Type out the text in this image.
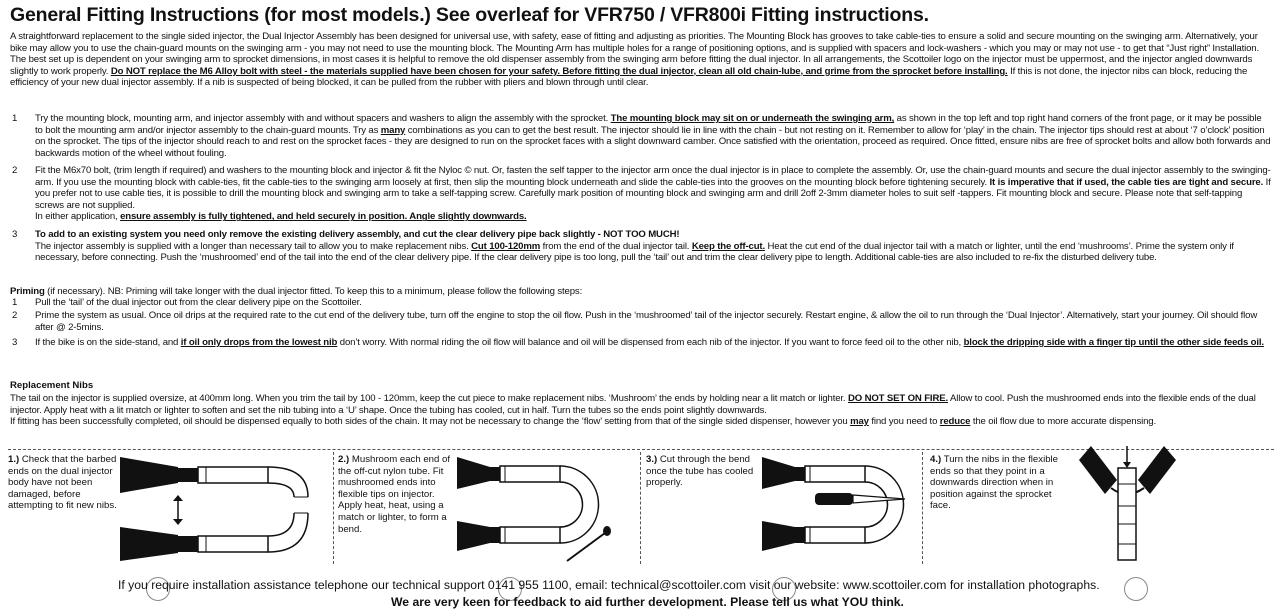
General Fitting Instructions (for most models.) See overleaf for VFR750 / VFR800i Fitting instructions.
A straightforward replacement to the single sided injector, the Dual Injector Assembly has been designed for universal use, with safety, ease of fitting and adjusting as priorities. The Mounting Block has grooves to take cable-ties to ensure a solid and secure mounting on the swinging arm. Alternatively, your bike may allow you to use the chain-guard mounts on the swinging arm - you may not need to use the mounting block. The Mounting Arm has multiple holes for a range of positioning options, and is supplied with spacers and lock-washers - which you may or may not use - to get that “Just right” Installation. The best set up is dependent on your swinging arm to sprocket dimensions, in most cases it is helpful to remove the old dispenser assembly from the swinging arm before fitting the dual injector. In all arrangements, the Scottoiler logo on the injector must be uppermost, and the injector angled downwards slightly to work properly. Do NOT replace the M6 Alloy bolt with steel - the materials supplied have been chosen for your safety. Before fitting the dual injector, clean all old chain-lube, and grime from the sprocket before installing. If this is not done, the injector nibs can block, reducing the efficiency of your new dual injector assembly. If a nib is suspected of being blocked, it can be pulled from the rubber with pliers and blown through until clear.
1 Try the mounting block, mounting arm, and injector assembly with and without spacers and washers to align the assembly with the sprocket. The mounting block may sit on or underneath the swinging arm, as shown in the top left and top right hand corners of the front page, or it may be possible to bolt the mounting arm and/or injector assembly to the chain-guard mounts. Try as many combinations as you can to get the best result. The injector should lie in line with the chain - but not resting on it. Remember to allow for ‘play’ in the chain. The injector tips should rest at about ‘7 o’clock’ position on the sprocket. The tips of the injector should reach to and rest on the sprocket faces - they are designed to run on the sprocket faces with a slight downward camber. Once satisfied with the orientation, proceed as required. Once fitted, ensure nibs are free of sprocket bolts and allow both forwards and backwards motion of the wheel without fouling.
2 Fit the M6x70 bolt, (trim length if required) and washers to the mounting block and injector & fit the Nyloc © nut. Or, fasten the self tapper to the injector arm once the dual injector is in place to complete the assembly. Or, use the chain-guard mounts and secure the dual injector assembly to the swinging-arm. If you use the mounting block with cable-ties, fit the cable-ties to the swinging arm loosely at first, then slip the mounting block underneath and slide the cable-ties into the grooves on the mounting block before tightening securely. It is imperative that if used, the cable ties are tight and secure. If you prefer not to use cable ties, it is possible to drill the mounting block and swinging arm to take a self-tapping screw. Carefully mark position of mounting block and swinging arm and drill 2off 2-3mm diameter holes to suit self -tappers. Fit mounting block and secure. Please note that self-tapping screws are not supplied.
In either application, ensure assembly is fully tightened, and held securely in position. Angle slightly downwards.
3 To add to an existing system you need only remove the existing delivery assembly, and cut the clear delivery pipe back slightly - NOT TOO MUCH!
The injector assembly is supplied with a longer than necessary tail to allow you to make replacement nibs. Cut 100-120mm from the end of the dual injector tail. Keep the off-cut. Heat the cut end of the dual injector tail with a match or lighter, until the end ‘mushrooms’. Prime the system only if necessary, before connecting. Push the ‘mushroomed’ end of the tail into the end of the clear delivery pipe. If the clear delivery pipe is too long, pull the ‘tail’ out and trim the clear delivery pipe to length. Additional cable-ties are also included to re-fix the disturbed delivery tube.
Priming (if necessary). NB: Priming will take longer with the dual injector fitted. To keep this to a minimum, please follow the following steps:
1 Pull the ‘tail’ of the dual injector out from the clear delivery pipe on the Scottoiler.
2 Prime the system as usual. Once oil drips at the required rate to the cut end of the delivery tube, turn off the engine to stop the oil flow. Push in the ‘mushroomed’ tail of the injector securely. Restart engine, & allow the oil to run through the ‘Dual Injector’. Alternatively, start your journey. Oil should flow after @ 2-5mins.
3 If the bike is on the side-stand, and if oil only drops from the lowest nib don’t worry. With normal riding the oil flow will balance and oil will be dispensed from each nib of the injector. If you want to force feed oil to the other nib, block the dripping side with a finger tip until the other side feeds oil.
Replacement Nibs
The tail on the injector is supplied oversize, at 400mm long. When you trim the tail by 100 - 120mm, keep the cut piece to make replacement nibs. ‘Mushroom’ the ends by holding near a lit match or lighter. DO NOT SET ON FIRE. Allow to cool. Push the mushroomed ends into the flexible ends of the dual injector. Apply heat with a lit match or lighter to soften and set the nib tubing into a ‘U’ shape. Once the tubing has cooled, cut in half. Turn the tubes so the ends point slightly downwards.
If fitting has been successfully completed, oil should be dispensed equally to both sides of the chain. It may not be necessary to change the ‘flow’ setting from that of the single sided dispenser, however you may find you need to reduce the oil flow due to more accurate dispensing.
1.) Check that the barbed ends on the dual injector body have not been damaged, before attempting to fit new nibs.
2.) Mushroom each end of the off-cut nylon tube. Fit mushroomed ends into flexible tips on injector. Apply heat, heat, using a match or lighter, to form a bend.
3.) Cut through the bend once the tube has cooled properly.
4.) Turn the nibs in the flexible ends so that they point in a downwards direction when in position against the sprocket face.
If you require installation assistance telephone our technical support 0141 955 1100, email: technical@scottoiler.com visit our website: www.scottoiler.com for installation photographs.
We are very keen for feedback to aid further development. Please tell us what YOU think.
